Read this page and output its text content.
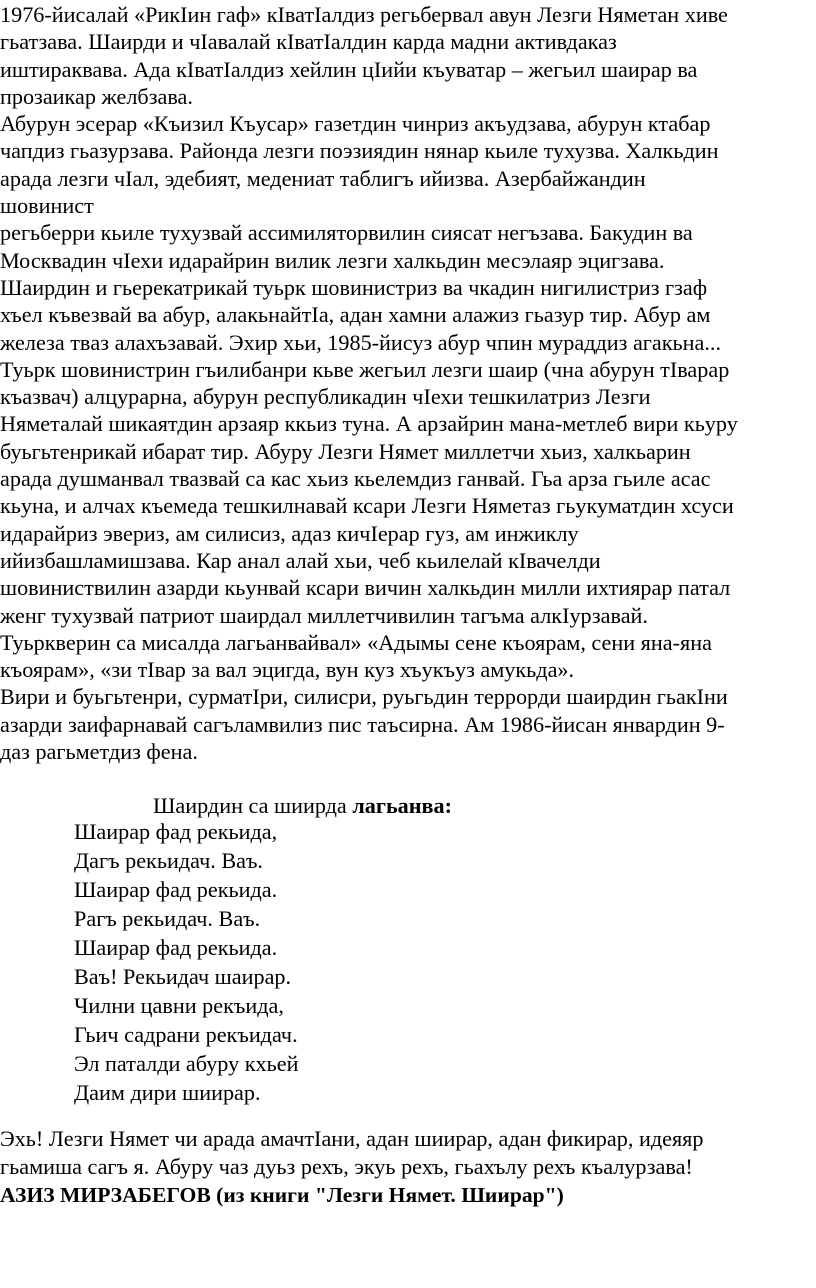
1976-йисалай «РикIин гаф» кIватIалдиз регьбервал авун Лезги Няметан хиве
гьатзава. Шаирди и чIавалай кIватIалдин карда мадни активдаказ
иштираквава. Ада кIватIалдиз хейлин цIийи къуватар – жегьил шаирар ва
прозаикар желбзава.
Абурун эсерар «Къизил Къусар» газетдин чинриз акъудзава, абурун ктабар
чапдиз гьазурзава. Районда лезги поэзиядин нянар кьиле тухузва. Халкьдин
арада лезги чIал, эдебият, медениат таблигъ ийизва. Азербайжандин
шовинист
регьберри кьиле тухузвай ассимиляторвилин сиясат негъзава. Бакудин ва
Москвадин чIехи идарайрин вилик лезги халкьдин месэлаяр эцигзава.
Шаирдин и гьерекатрикай туьрк шовинистриз ва чкадин нигилистриз гзаф
хъел къвезвай ва абур, алакьнайтIа, адан хамни алажиз гьазур тир. Абур ам
железа твaз алахъзавай. Эхир хьи, 1985-йисуз абур чпин мураддиз агакьна...
Туьрк шовинистрин гъилибанри кьве жегьил лезги шаир (чна абурун тIварар
къазвач) алцурарна, абурун республикадин чIехи тешкилатриз Лезги
Няметалай шикаятдин арзаяр ккьиз туна. А арзайрин мана-метлеб вири кьуру
буьгьтенрикай ибарат тир. Абуру Лезги Нямет миллетчи хьиз, халкьарин
арада душманвал твазвай са кас хьиз кьелемдиз ганвай. Гьа арза гьиле асас
кьуна, и алчах къемеда тешкилнавай ксари Лезги Няметаз гьукуматдин хсуси
идарайриз эвериз, ам силисиз, адаз кичIерар гуз, ам инжиклу
ийизбашламишзава. Кар анал алай хьи, чеб кьилелай кIвачелди
шовиниствилин азарди кьунвай ксари вичин халкьдин милли ихтиярар патал
женг тухузвай патриот шаирдал миллетчивилин тагъма алкIурзавай.
Туьркверин са мисалда лагьанвайвал» «Адымы сене къоярам, сени яна-яна
къоярам», «зи тIвар за вал эцигда, вун куз хъукъуз амукьда».
Вири и буьгьтенри, сурматIри, силисри, руьгьдин террорди шаирдин гьакIни
азарди заифарнавай сагъламвилиз пис таъсирна. Ам 1986-йисан январдин 9-
даз рагьметдиз фена.
Шаирдин са шиирда лагьанва:
Шаирар фад рекьида,
Дагъ рекьидач. Ваъ.
Шаирар фад рекьида.
Рагъ рекьидач. Ваъ.
Шаирар фад рекьида.
Ваъ! Рекьидач шаирар.
Чилни цавни рекъида,
Гьич садрани рекъидач.
Эл паталди абуру кхьей
Даим дири шиирар.
Эхь! Лезги Нямет чи арада амачтIани, адан шиирар, адан фикирар, идеяяр
гьамиша сагъ я. Абуру чаз дуьз рехъ, экуь рехъ, гьахълу рехъ къалурзава!
АЗИЗ МИРЗАБЕГОВ (из книги "Лезги Нямет. Шиирар")
